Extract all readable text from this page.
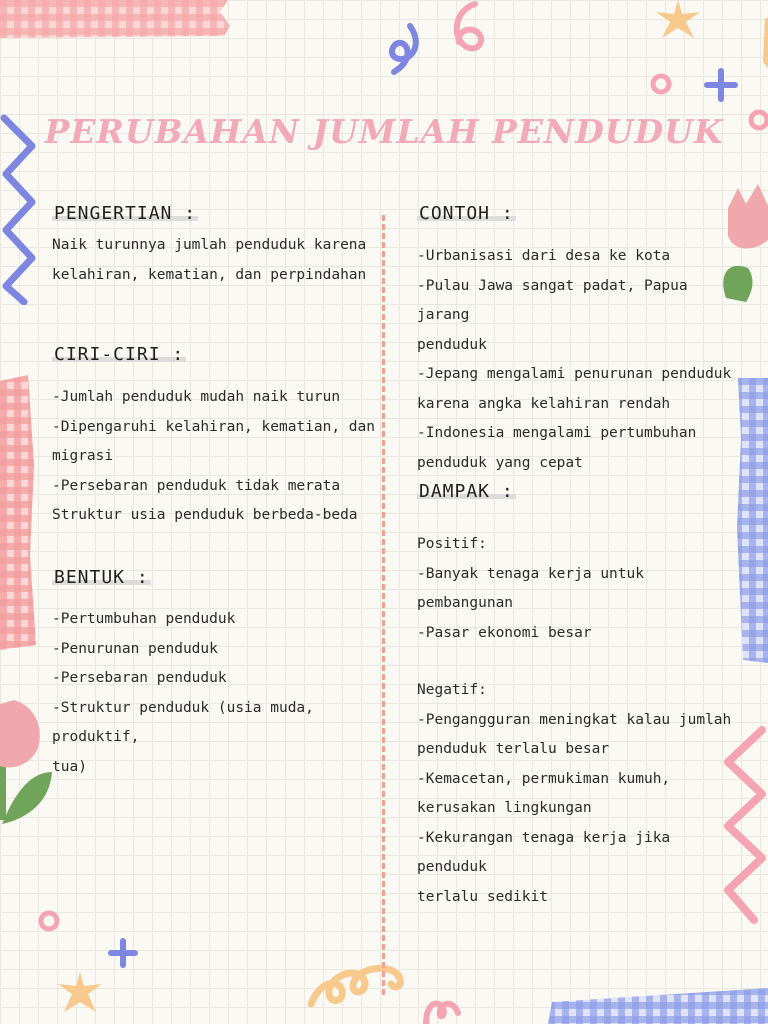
PERUBAHAN JUMLAH PENDUDUK
PENGERTIAN :
Naik turunnya jumlah penduduk karena
kelahiran, kematian, dan perpindahan
CIRI-CIRI :
-Jumlah penduduk mudah naik turun
-Dipengaruhi kelahiran, kematian, dan
migrasi
-Persebaran penduduk tidak merata
Struktur usia penduduk berbeda-beda
BENTUK :
-Pertumbuhan penduduk
-Penurunan penduduk
-Persebaran penduduk
-Struktur penduduk (usia muda, produktif,
tua)
CONTOH :
-Urbanisasi dari desa ke kota
-Pulau Jawa sangat padat, Papua jarang
penduduk
-Jepang mengalami penurunan penduduk
karena angka kelahiran rendah
-Indonesia mengalami pertumbuhan
penduduk yang cepat
DAMPAK :
Positif:
-Banyak tenaga kerja untuk
pembangunan
-Pasar ekonomi besar
Negatif:
-Pengangguran meningkat kalau jumlah
penduduk terlalu besar
-Kemacetan, permukiman kumuh,
kerusakan lingkungan
-Kekurangan tenaga kerja jika penduduk
terlalu sedikit
